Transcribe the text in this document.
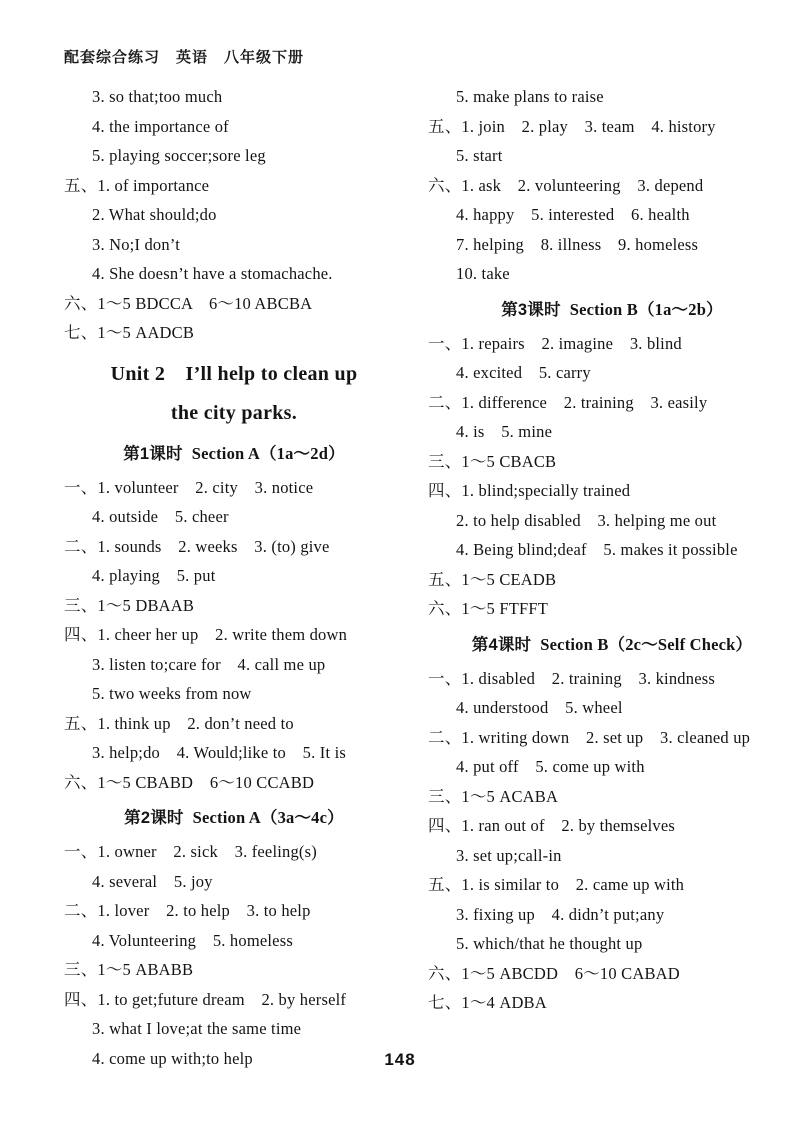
配套综合练习　英语　八年级下册
3. so that;too much
4. the importance of
5. playing soccer;sore leg
五、1. of importance
2. What should;do
3. No;I don’t
4. She doesn’t have a stomachache.
六、1～5 BDCCA　6～10 ABCBA
七、1～5 AADCB
Unit 2　I’ll help to clean up
the city parks.
第1课时 Section A（1a～2d）
一、1. volunteer　2. city　3. notice
4. outside　5. cheer
二、1. sounds　2. weeks　3. (to) give
4. playing　5. put
三、1～5 DBAAB
四、1. cheer her up　2. write them down
3. listen to;care for　4. call me up
5. two weeks from now
五、1. think up　2. don’t need to
3. help;do　4. Would;like to　5. It is
六、1～5 CBABD　6～10 CCABD
第2课时 Section A（3a～4c）
一、1. owner　2. sick　3. feeling(s)
4. several　5. joy
二、1. lover　2. to help　3. to help
4. Volunteering　5. homeless
三、1～5 ABABB
四、1. to get;future dream　2. by herself
3. what I love;at the same time
4. come up with;to help
5. make plans to raise
五、1. join　2. play　3. team　4. history
5. start
六、1. ask　2. volunteering　3. depend
4. happy　5. interested　6. health
7. helping　8. illness　9. homeless
10. take
第3课时 Section B（1a～2b）
一、1. repairs　2. imagine　3. blind
4. excited　5. carry
二、1. difference　2. training　3. easily
4. is　5. mine
三、1～5 CBACB
四、1. blind;specially trained
2. to help disabled　3. helping me out
4. Being blind;deaf　5. makes it possible
五、1～5 CEADB
六、1～5 FTFFT
第4课时 Section B（2c～Self Check）
一、1. disabled　2. training　3. kindness
4. understood　5. wheel
二、1. writing down　2. set up　3. cleaned up
4. put off　5. come up with
三、1～5 ACABA
四、1. ran out of　2. by themselves
3. set up;call-in
五、1. is similar to　2. came up with
3. fixing up　4. didn’t put;any
5. which/that he thought up
六、1～5 ABCDD　6～10 CABAD
七、1～4 ADBA
148
